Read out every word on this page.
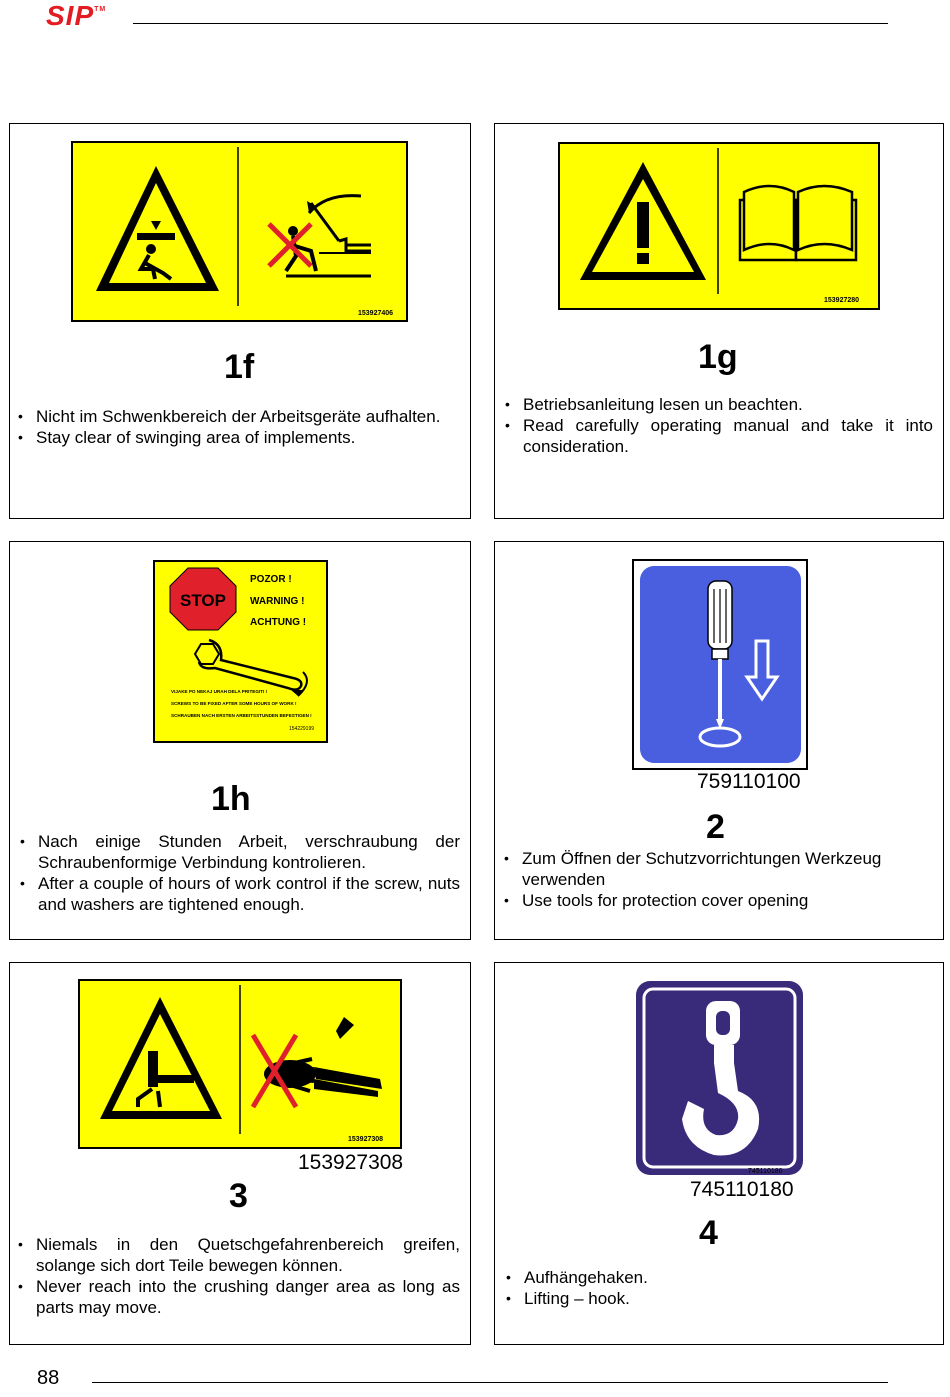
SIP™
153927406
1f
• Nicht im Schwenkbereich der Arbeitsgeräte aufhalten.
• Stay clear of swinging area of implements.
153927280
1g
• Betriebsanleitung lesen un beachten.
• Read carefully operating manual and take it into consideration.
STOP
POZOR !
WARNING !
ACHTUNG !
VIJAKE PO NEKAJ URAH DELA PRITEGITI !
SCREWS TO BE FIXED AFTER SOME HOURS OF WORK !
SCHRAUBEN NACH ERSTEN ARBEITSSTUNDEN BEFESTIGEN !
154229199
1h
• Nach einige Stunden Arbeit, verschraubung der Schraubenformige Verbindung kontrolieren.
• After a couple of hours of work control if the screw, nuts and washers are tightened enough.
759110100
2
• Zum Öffnen der Schutzvorrichtungen Werkzeug verwenden
• Use tools for protection cover opening
153927308
153927308
3
• Niemals in den Quetschgefahrenbereich greifen, solange sich dort Teile bewegen können.
• Never reach into the crushing danger area as long as parts may move.
745110180
745110180
4
• Aufhängehaken.
• Lifting – hook.
88
